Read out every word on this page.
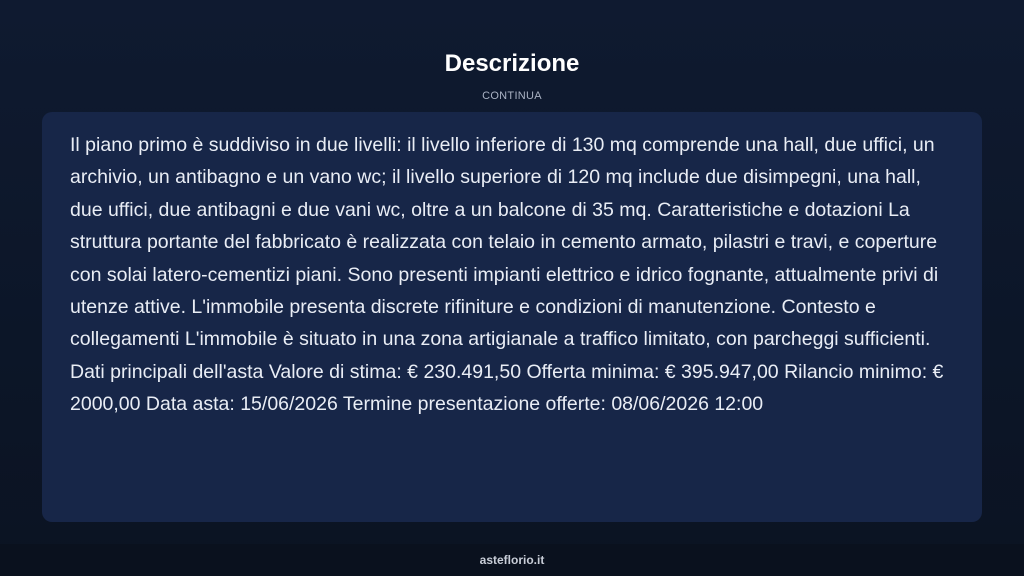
Descrizione
CONTINUA

Il piano primo è suddiviso in due livelli: il livello inferiore di 130 mq comprende una hall, due uffici, un archivio, un antibagno e un vano wc; il livello superiore di 120 mq include due disimpegni, una hall, due uffici, due antibagni e due vani wc, oltre a un balcone di 35 mq. Caratteristiche e dotazioni La struttura portante del fabbricato è realizzata con telaio in cemento armato, pilastri e travi, e coperture con solai latero-cementizi piani. Sono presenti impianti elettrico e idrico fognante, attualmente privi di utenze attive. L'immobile presenta discrete rifiniture e condizioni di manutenzione. Contesto e collegamenti L'immobile è situato in una zona artigianale a traffico limitato, con parcheggi sufficienti. Dati principali dell'asta Valore di stima: € 230.491,50 Offerta minima: € 395.947,00 Rilancio minimo: € 2000,00 Data asta: 15/06/2026 Termine presentazione offerte: 08/06/2026 12:00

asteflorio.it
